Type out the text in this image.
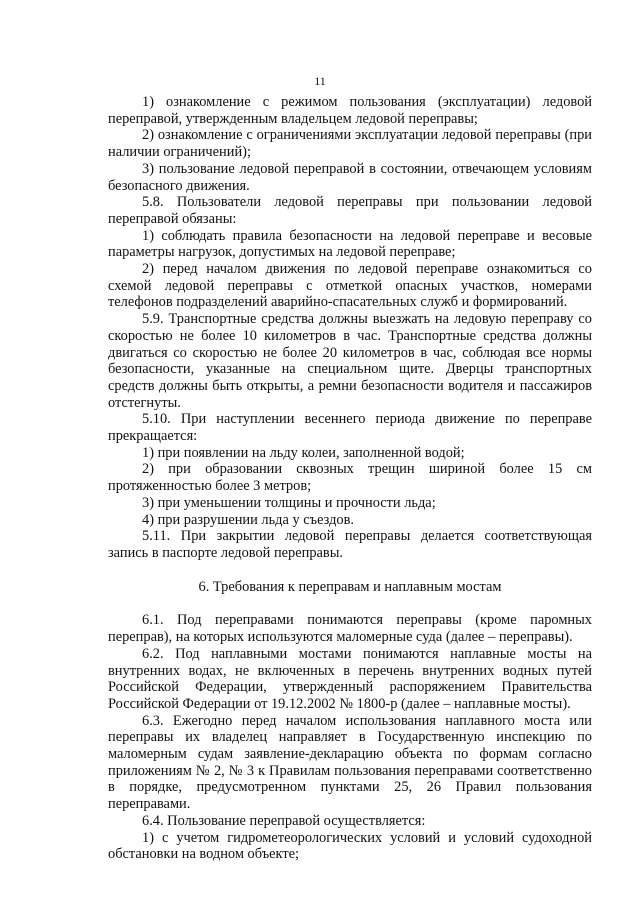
11

1) ознакомление с режимом пользования (эксплуатации) ледовой переправой, утвержденным владельцем ледовой переправы;

2) ознакомление с ограничениями эксплуатации ледовой переправы (при наличии ограничений);

3) пользование ледовой переправой в состоянии, отвечающем условиям безопасного движения.

5.8. Пользователи ледовой переправы при пользовании ледовой переправой обязаны:

1) соблюдать правила безопасности на ледовой переправе и весовые параметры нагрузок, допустимых на ледовой переправе;

2) перед началом движения по ледовой переправе ознакомиться со схемой ледовой переправы с отметкой опасных участков, номерами телефонов подразделений аварийно-спасательных служб и формирований.

5.9. Транспортные средства должны выезжать на ледовую переправу со скоростью не более 10 километров в час. Транспортные средства должны двигаться со скоростью не более 20 километров в час, соблюдая все нормы безопасности, указанные на специальном щите. Дверцы транспортных средств должны быть открыты, а ремни безопасности водителя и пассажиров отстегнуты.

5.10. При наступлении весеннего периода движение по переправе прекращается:

1) при появлении на льду колеи, заполненной водой;

2) при образовании сквозных трещин шириной более 15 см протяженностью более 3 метров;

3) при уменьшении толщины и прочности льда;

4) при разрушении льда у съездов.

5.11. При закрытии ледовой переправы делается соответствующая запись в паспорте ледовой переправы.

6. Требования к переправам и наплавным мостам

6.1. Под переправами понимаются переправы (кроме паромных переправ), на которых используются маломерные суда (далее – переправы).

6.2. Под наплавными мостами понимаются наплавные мосты на внутренних водах, не включенных в перечень внутренних водных путей Российской Федерации, утвержденный распоряжением Правительства Российской Федерации от 19.12.2002 № 1800-р (далее – наплавные мосты).

6.3. Ежегодно перед началом использования наплавного моста или переправы их владелец направляет в Государственную инспекцию по маломерным судам заявление-декларацию объекта по формам согласно приложениям № 2, № 3 к Правилам пользования переправами соответственно в порядке, предусмотренном пунктами 25, 26 Правил пользования переправами.

6.4. Пользование переправой осуществляется:

1) с учетом гидрометеорологических условий и условий судоходной обстановки на водном объекте;
